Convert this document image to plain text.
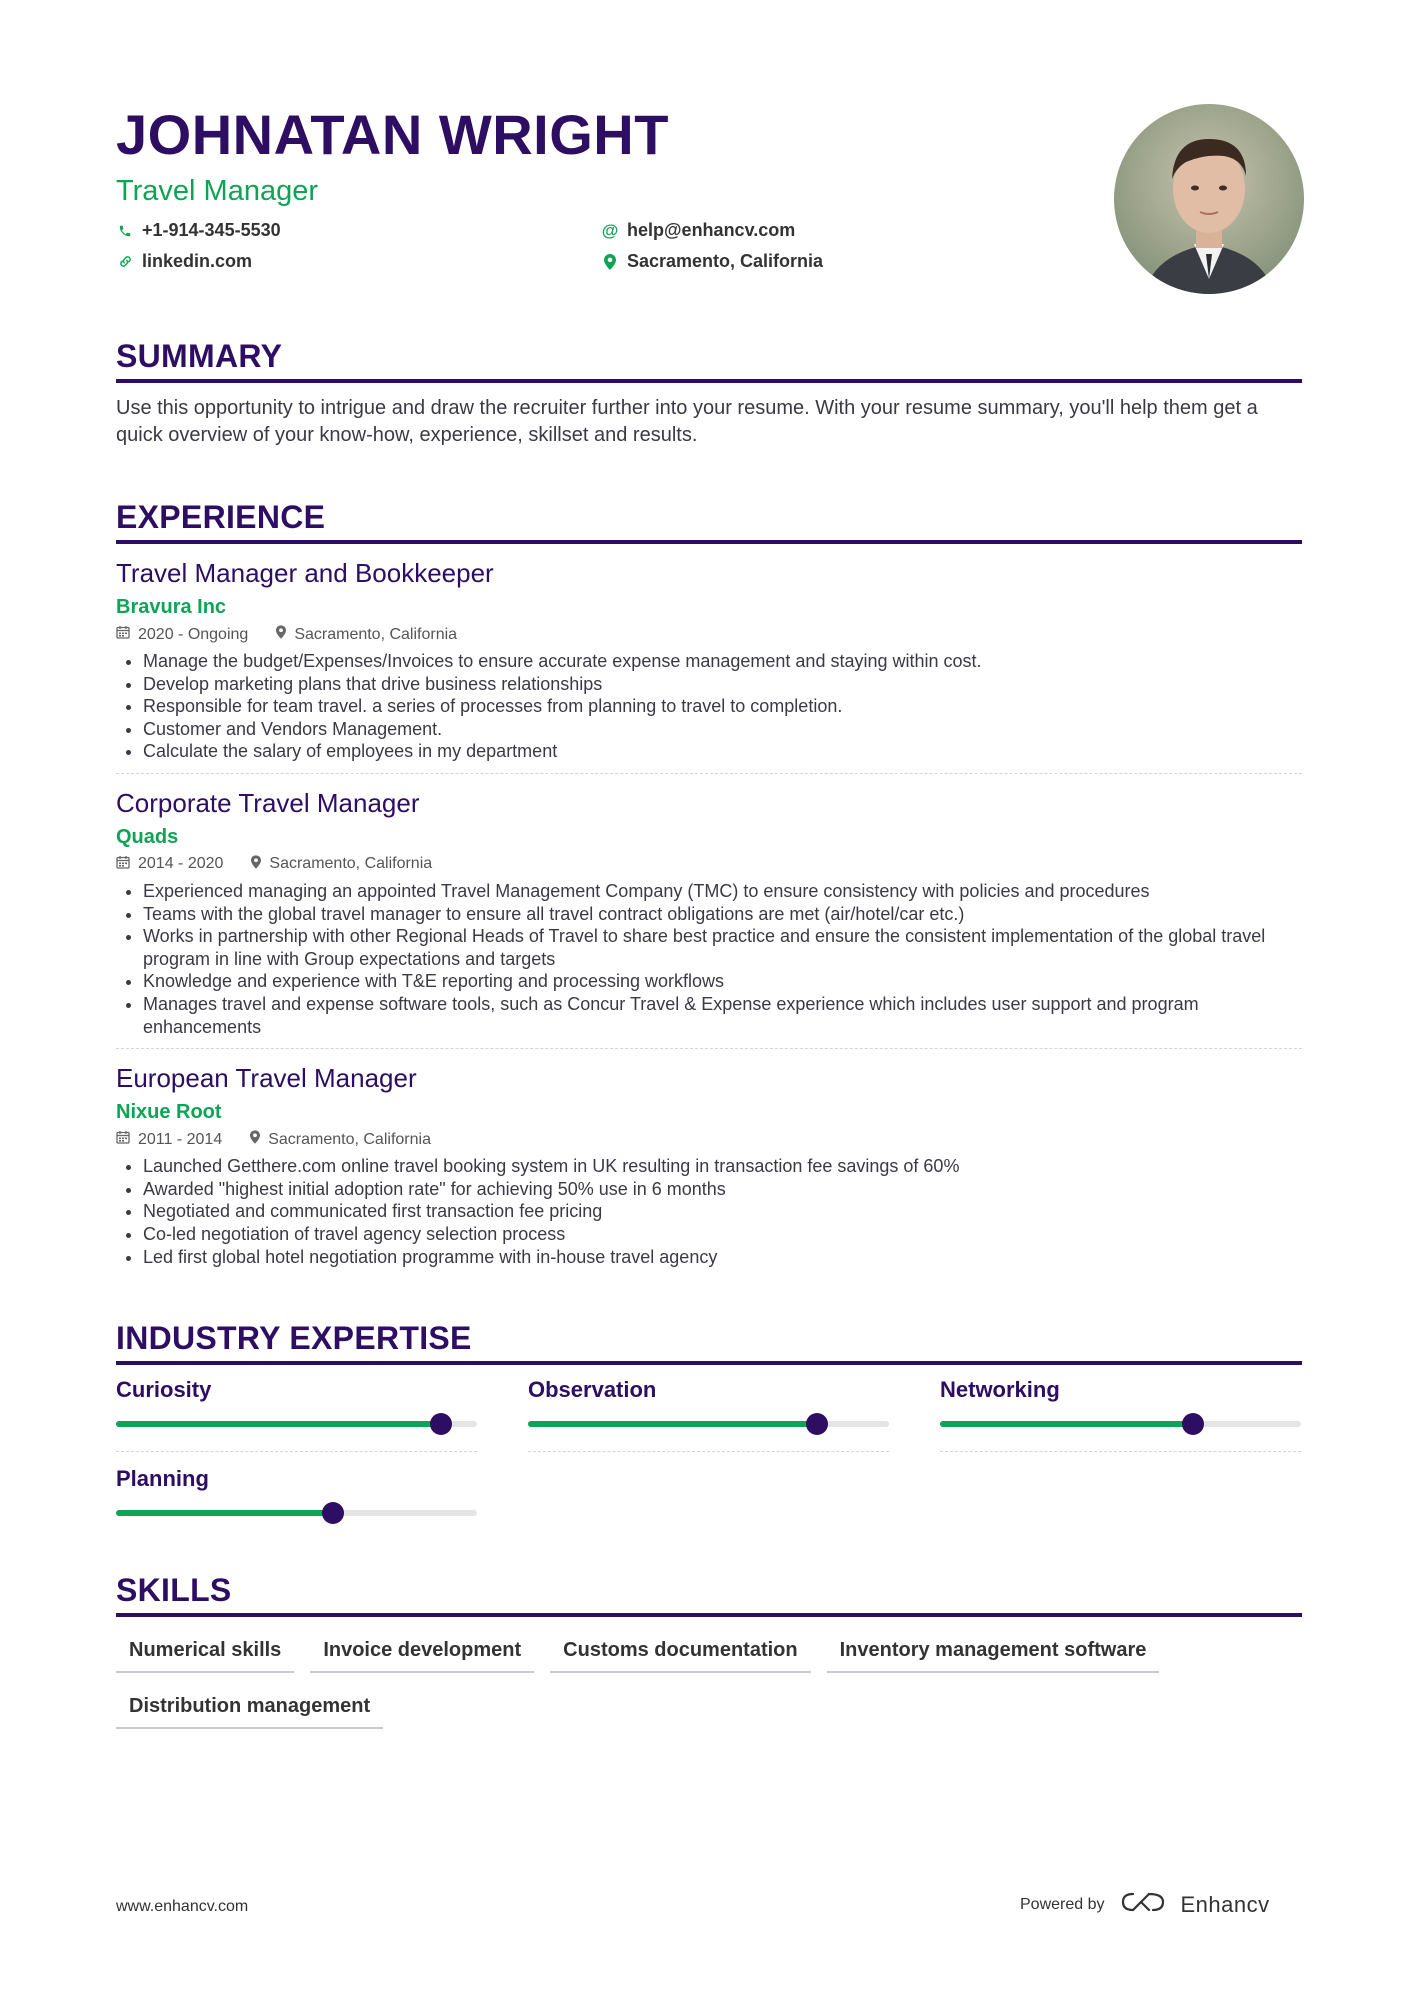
JOHNATAN WRIGHT
Travel Manager
+1-914-345-5530	@ help@enhancv.com
linkedin.com	Sacramento, California
SUMMARY
Use this opportunity to intrigue and draw the recruiter further into your resume. With your resume summary, you'll help them get a quick overview of your know-how, experience, skillset and results.
EXPERIENCE
Travel Manager and Bookkeeper
Bravura Inc
2020 - Ongoing	Sacramento, California
• Manage the budget/Expenses/Invoices to ensure accurate expense management and staying within cost.
• Develop marketing plans that drive business relationships
• Responsible for team travel. a series of processes from planning to travel to completion.
• Customer and Vendors Management.
• Calculate the salary of employees in my department
Corporate Travel Manager
Quads
2014 - 2020	Sacramento, California
• Experienced managing an appointed Travel Management Company (TMC) to ensure consistency with policies and procedures
• Teams with the global travel manager to ensure all travel contract obligations are met (air/hotel/car etc.)
• Works in partnership with other Regional Heads of Travel to share best practice and ensure the consistent implementation of the global travel program in line with Group expectations and targets
• Knowledge and experience with T&E reporting and processing workflows
• Manages travel and expense software tools, such as Concur Travel & Expense experience which includes user support and program enhancements
European Travel Manager
Nixue Root
2011 - 2014	Sacramento, California
• Launched Getthere.com online travel booking system in UK resulting in transaction fee savings of 60%
• Awarded "highest initial adoption rate" for achieving 50% use in 6 months
• Negotiated and communicated first transaction fee pricing
• Co-led negotiation of travel agency selection process
• Led first global hotel negotiation programme with in-house travel agency
INDUSTRY EXPERTISE
Curiosity	Observation	Networking
Planning
SKILLS
Numerical skills	Invoice development	Customs documentation	Inventory management software
Distribution management
www.enhancv.com	Powered by	Enhancv
